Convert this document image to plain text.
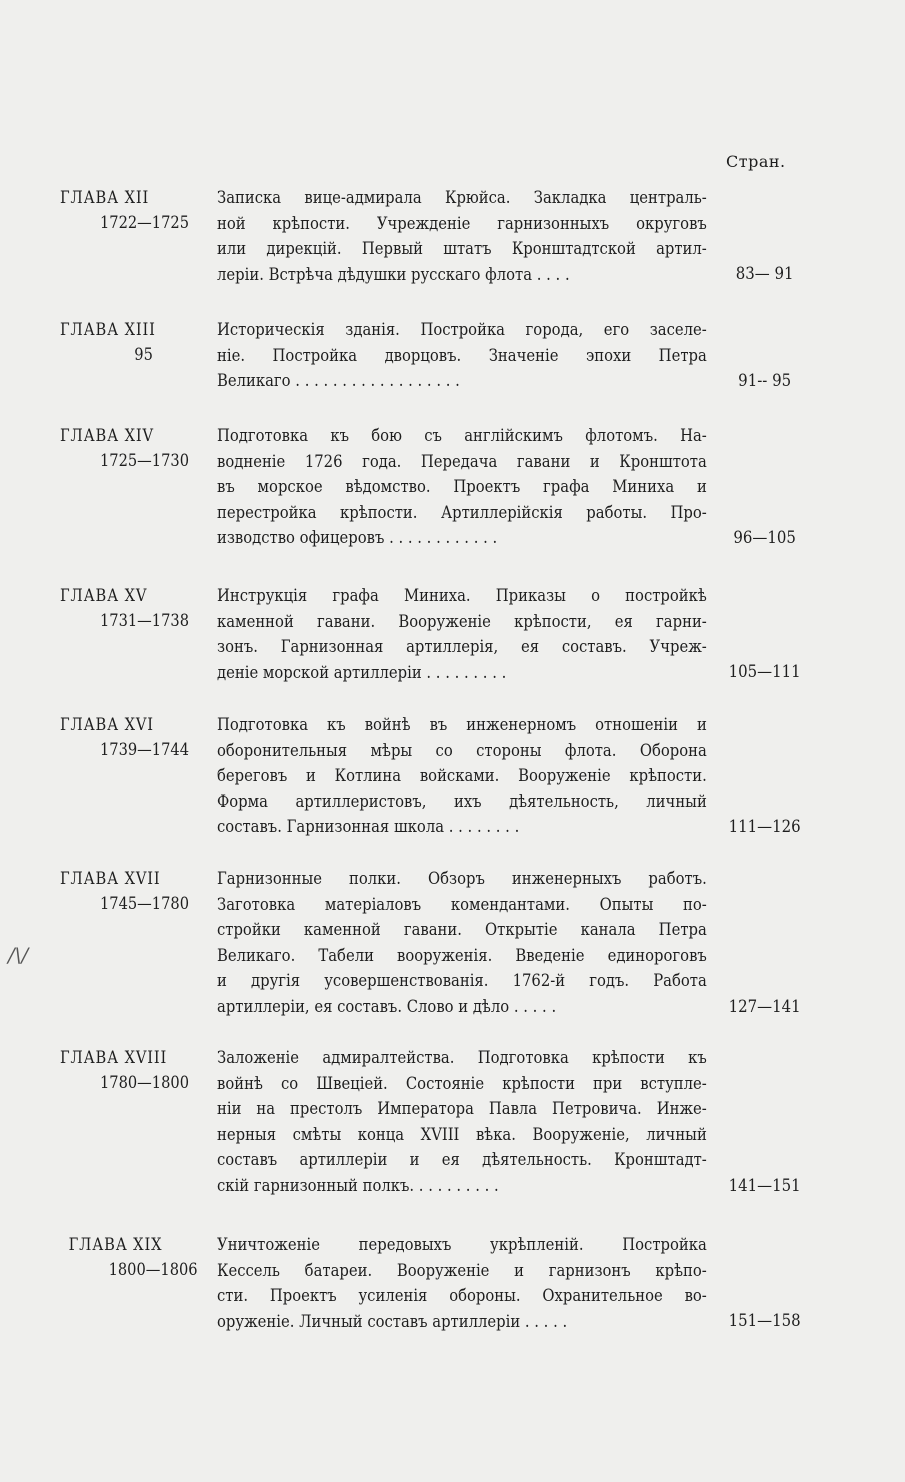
Стран.
/\/
ГЛАВА XII
1722—1725
Записка вице-адмирала Крюйса. Закладка централь-
ной крѣпости. Учрежденіе гарнизонныхъ округовъ
или дирекцій. Первый штатъ Кронштадтской артил-
леріи. Встрѣча дѣдушки русскаго флота . . . .	83— 91
ГЛАВА XIII
95
Историческія зданія. Постройка города, его заселе-
ніе. Постройка дворцовъ. Значеніе эпохи Петра
Великаго . . . . . . . . . . . . . . . . . .	91-- 95
ГЛАВА XIV
1725—1730
Подготовка къ бою съ англійскимъ флотомъ. На-
водненіе 1726 года. Передача гавани и Кронштота
въ морское вѣдомство. Проектъ графа Миниха и
перестройка крѣпости. Артиллерійскія работы. Про-
изводство офицеровъ . . . . . . . . . . . .	96—105
ГЛАВА XV
1731—1738
Инструкція графа Миниха. Приказы о постройкѣ
каменной гавани. Вооруженіе крѣпости, ея гарни-
зонъ. Гарнизонная артиллерія, ея составъ. Учреж-
деніе морской артиллеріи . . . . . . . . .	105—111
ГЛАВА XVI
1739—1744
Подготовка къ войнѣ въ инженерномъ отношеніи и
оборонительныя мѣры со стороны флота. Оборона
береговъ и Котлина войсками. Вооруженіе крѣпости.
Форма артиллеристовъ, ихъ дѣятельность, личный
составъ. Гарнизонная школа . . . . . . . .	111—126
ГЛАВА XVII
1745—1780
Гарнизонные полки. Обзоръ инженерныхъ работъ.
Заготовка матеріаловъ комендантами. Опыты по-
стройки каменной гавани. Открытіе канала Петра
Великаго. Табели вооруженія. Введеніе единороговъ
и другія усовершенствованія. 1762-й годъ. Работа
артиллеріи, ея составъ. Слово и дѣло . . . . .	127—141
ГЛАВА XVIII
1780—1800
Заложеніе адмиралтейства. Подготовка крѣпости къ
войнѣ со Швеціей. Состояніе крѣпости при вступле-
ніи на престолъ Императора Павла Петровича. Инже-
нерныя смѣты конца XVIII вѣка. Вооруженіе, личный
составъ артиллеріи и ея дѣятельность. Кронштадт-
скій гарнизонный полкъ. . . . . . . . . .	141—151
ГЛАВА XIX
1800—1806
Уничтоженіе передовыхъ укрѣпленій. Постройка
Кессель батареи. Вооруженіе и гарнизонъ крѣпо-
сти. Проектъ усиленія обороны. Охранительное во-
оруженіе. Личный составъ артиллеріи . . . . .	151—158
